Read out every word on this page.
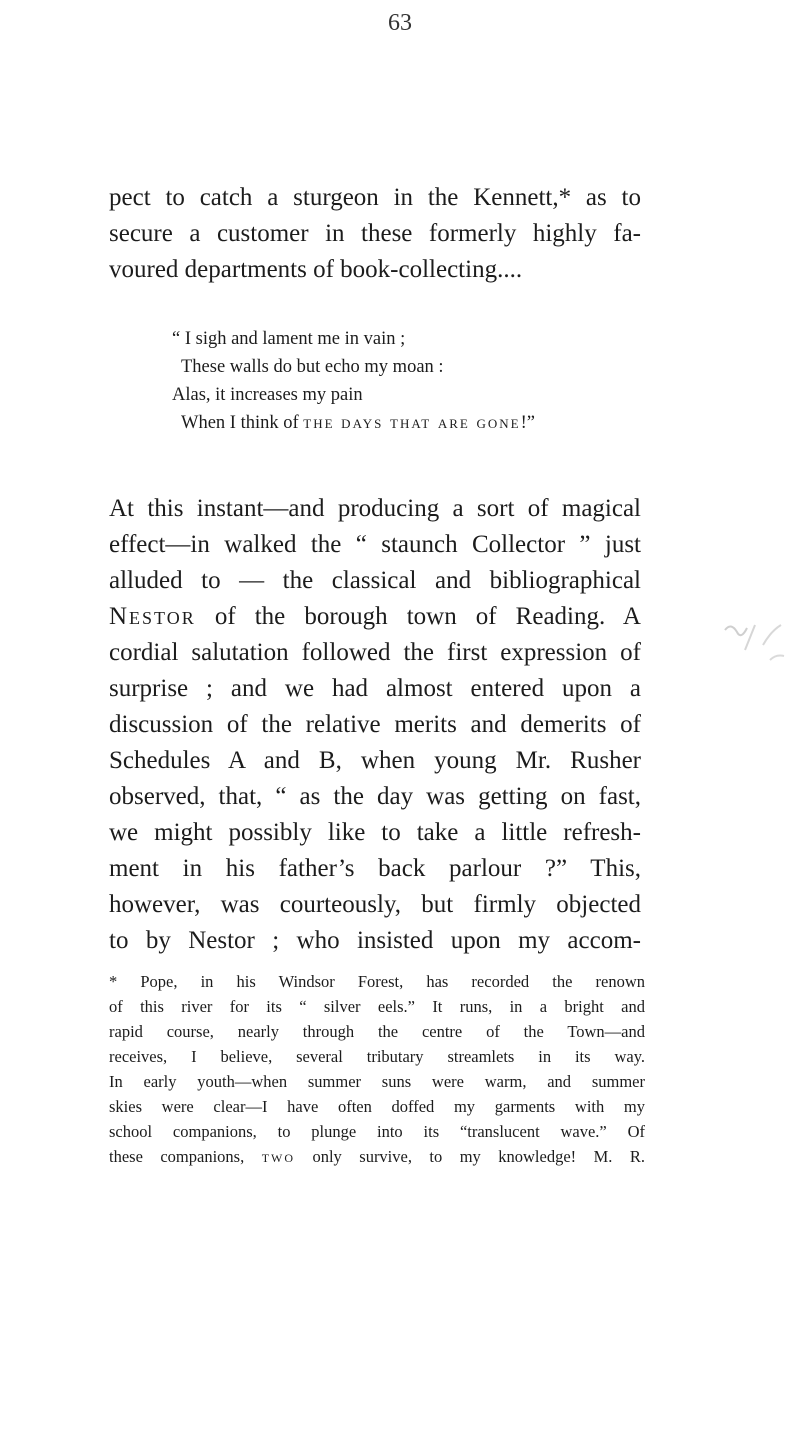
63
pect to catch a sturgeon in the Kennett,* as to
secure a customer in these formerly highly fa-
voured departments of book-collecting....
“ I sigh and lament me in vain ;
These walls do but echo my moan :
Alas, it increases my pain
When I think of the days that are gone!”
At this instant—and producing a sort of magical
effect—in walked the “ staunch Collector ” just
alluded to — the classical and bibliographical
Nestor of the borough town of Reading. A
cordial salutation followed the first expression of
surprise ; and we had almost entered upon a
discussion of the relative merits and demerits of
Schedules A and B, when young Mr. Rusher
observed, that, “ as the day was getting on fast,
we might possibly like to take a little refresh-
ment in his father’s back parlour ?” This,
however, was courteously, but firmly objected
to by Nestor ; who insisted upon my accom-
* Pope, in his Windsor Forest, has recorded the renown
of this river for its “ silver eels.” It runs, in a bright and
rapid course, nearly through the centre of the Town—and
receives, I believe, several tributary streamlets in its way.
In early youth—when summer suns were warm, and summer
skies were clear—I have often doffed my garments with my
school companions, to plunge into its “translucent wave.” Of
these companions, two only survive, to my knowledge! M. R.
